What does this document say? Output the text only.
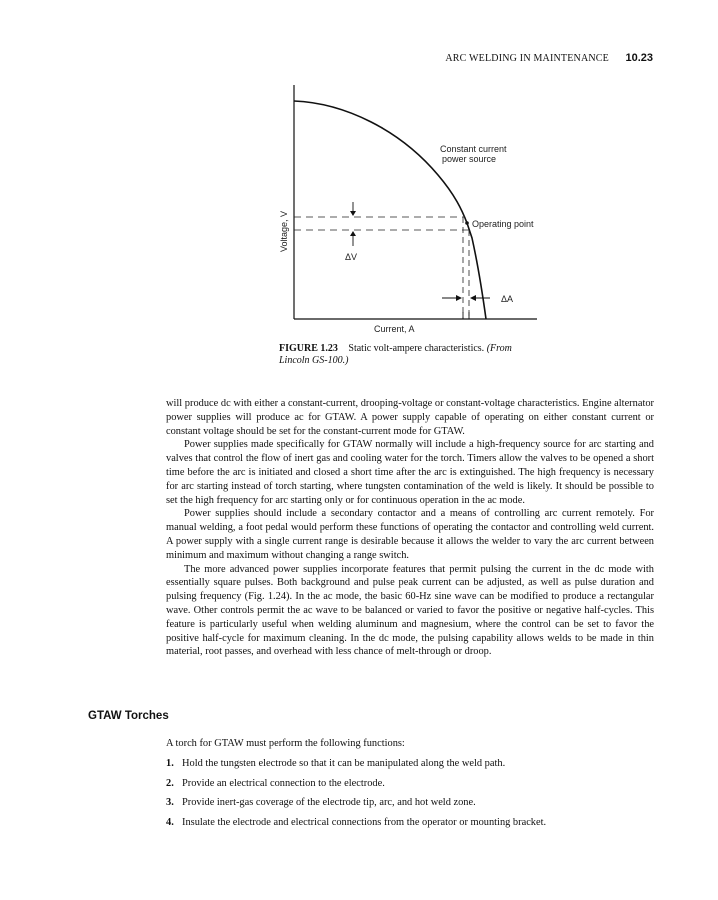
ARC WELDING IN MAINTENANCE 10.23
Constant current
power source
Operating point
ΔV
ΔA
Current, A
Voltage, V
FIGURE 1.23 Static volt-ampere characteristics. (From Lincoln GS-100.)

will produce dc with either a constant-current, drooping-voltage or constant-voltage characteristics. Engine alternator power supplies will produce ac for GTAW. A power supply capable of operating on either constant current or constant voltage should be set for the constant-current mode for GTAW.

Power supplies made specifically for GTAW normally will include a high-frequency source for arc starting and valves that control the flow of inert gas and cooling water for the torch. Timers allow the valves to be opened a short time before the arc is initiated and closed a short time after the arc is extinguished. The high frequency is necessary for arc starting instead of torch starting, where tungsten contamination of the weld is likely. It should be possible to set the high frequency for arc starting only or for continuous operation in the ac mode.

Power supplies should include a secondary contactor and a means of controlling arc current remotely. For manual welding, a foot pedal would perform these functions of operating the contactor and controlling weld current. A power supply with a single current range is desirable because it allows the welder to vary the arc current between minimum and maximum without changing a range switch.

The more advanced power supplies incorporate features that permit pulsing the current in the dc mode with essentially square pulses. Both background and pulse peak current can be adjusted, as well as pulse duration and pulsing frequency (Fig. 1.24). In the ac mode, the basic 60-Hz sine wave can be modified to produce a rectangular wave. Other controls permit the ac wave to be balanced or varied to favor the positive or negative half-cycles. This feature is particularly useful when welding aluminum and magnesium, where the control can be set to favor the positive half-cycle for maximum cleaning. In the dc mode, the pulsing capability allows welds to be made in thin material, root passes, and overhead with less chance of melt-through or droop.

GTAW Torches
A torch for GTAW must perform the following functions:
1. Hold the tungsten electrode so that it can be manipulated along the weld path.
2. Provide an electrical connection to the electrode.
3. Provide inert-gas coverage of the electrode tip, arc, and hot weld zone.
4. Insulate the electrode and electrical connections from the operator or mounting bracket.
